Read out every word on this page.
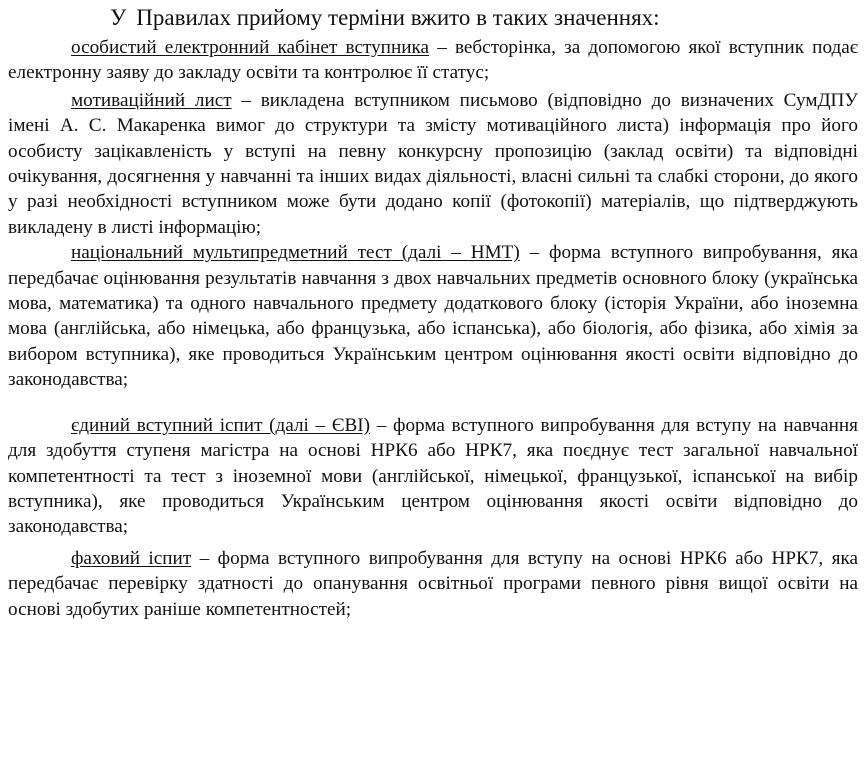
У Правилах прийому терміни вжито в таких значеннях:

особистий електронний кабінет вступника – вебсторінка, за допомогою якої вступник подає електронну заяву до закладу освіти та контролює її статус;

мотиваційний лист – викладена вступником письмово (відповідно до визначених СумДПУ імені А. С. Макаренка вимог до структури та змісту мотиваційного листа) інформація про його особисту зацікавленість у вступі на певну конкурсну пропозицію (заклад освіти) та відповідні очікування, досягнення у навчанні та інших видах діяльності, власні сильні та слабкі сторони, до якого у разі необхідності вступником може бути додано копії (фотокопії) матеріалів, що підтверджують викладену в листі інформацію;

національний мультипредметний тест (далі – НМТ) – форма вступного випробування, яка передбачає оцінювання результатів навчання з двох навчальних предметів основного блоку (українська мова, математика) та одного навчального предмету додаткового блоку (історія України, або іноземна мова (англійська, або німецька, або французька, або іспанська), або біологія, або фізика, або хімія за вибором вступника), яке проводиться Українським центром оцінювання якості освіти відповідно до законодавства;

єдиний вступний іспит (далі – ЄВІ) – форма вступного випробування для вступу на навчання для здобуття ступеня магістра на основі НРК6 або НРК7, яка поєднує тест загальної навчальної компетентності та тест з іноземної мови (англійської, німецької, французької, іспанської на вибір вступника), яке проводиться Українським центром оцінювання якості освіти відповідно до законодавства;

фаховий іспит – форма вступного випробування для вступу на основі НРК6 або НРК7, яка передбачає перевірку здатності до опанування освітньої програми певного рівня вищої освіти на основі здобутих раніше компетентностей;
